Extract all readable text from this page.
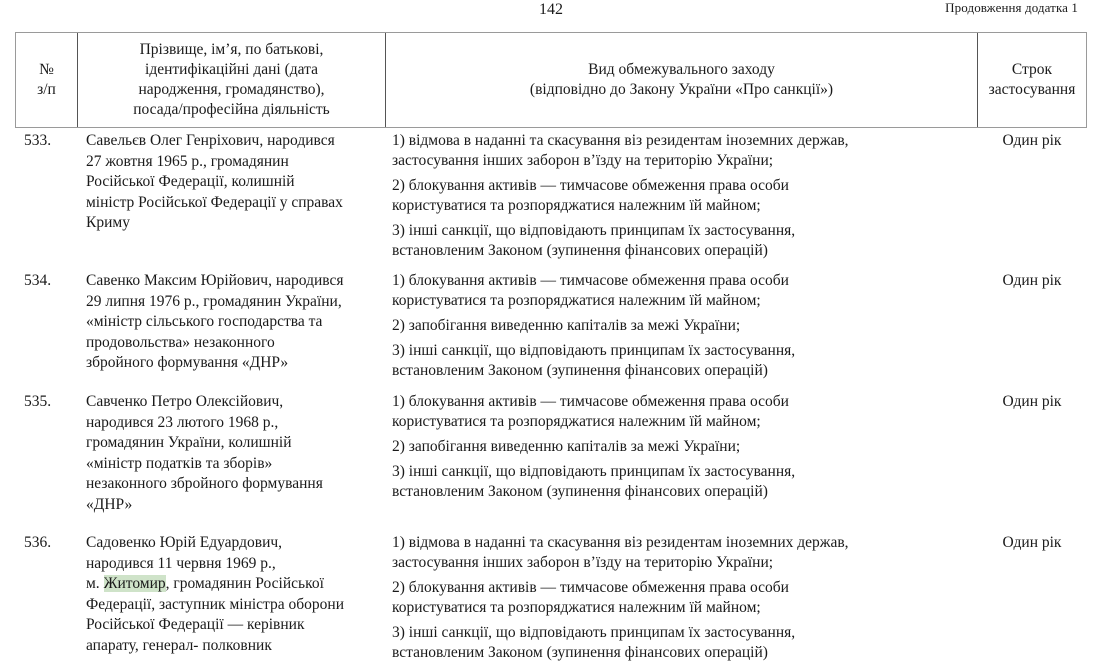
142	Продовження додатка 1
№
з/п
Прізвище, ім’я, по батькові,
ідентифікаційні дані (дата
народження, громадянство),
посада/професійна діяльність
Вид обмежувального заходу
(відповідно до Закону України «Про санкції»)
Строк
застосування
533. Савельєв Олег Генріхович, народився
27 жовтня 1965 р., громадянин
Російської Федерації, колишній
міністр Російської Федерації у справах
Криму
1) відмова в наданні та скасування віз резидентам іноземних держав,
застосування інших заборон в’їзду на територію України;
2) блокування активів — тимчасове обмеження права особи
користуватися та розпоряджатися належним їй майном;
3) інші санкції, що відповідають принципам їх застосування,
встановленим Законом (зупинення фінансових операцій)
Один рік
534. Савенко Максим Юрійович, народився
29 липня 1976 р., громадянин України,
«міністр сільського господарства та
продовольства» незаконного
збройного формування «ДНР»
1) блокування активів — тимчасове обмеження права особи
користуватися та розпоряджатися належним їй майном;
2) запобігання виведенню капіталів за межі України;
3) інші санкції, що відповідають принципам їх застосування,
встановленим Законом (зупинення фінансових операцій)
Один рік
535. Савченко Петро Олексійович,
народився 23 лютого 1968 р.,
громадянин України, колишній
«міністр податків та зборів»
незаконного збройного формування
«ДНР»
1) блокування активів — тимчасове обмеження права особи
користуватися та розпоряджатися належним їй майном;
2) запобігання виведенню капіталів за межі України;
3) інші санкції, що відповідають принципам їх застосування,
встановленим Законом (зупинення фінансових операцій)
Один рік
536. Садовенко Юрій Едуардович,
народився 11 червня 1969 р.,
м. Житомир, громадянин Російської
Федерації, заступник міністра оборони
Російської Федерації — керівник
апарату, генерал- полковник
1) відмова в наданні та скасування віз резидентам іноземних держав,
застосування інших заборон в’їзду на територію України;
2) блокування активів — тимчасове обмеження права особи
користуватися та розпоряджатися належним їй майном;
3) інші санкції, що відповідають принципам їх застосування,
встановленим Законом (зупинення фінансових операцій)
Один рік
